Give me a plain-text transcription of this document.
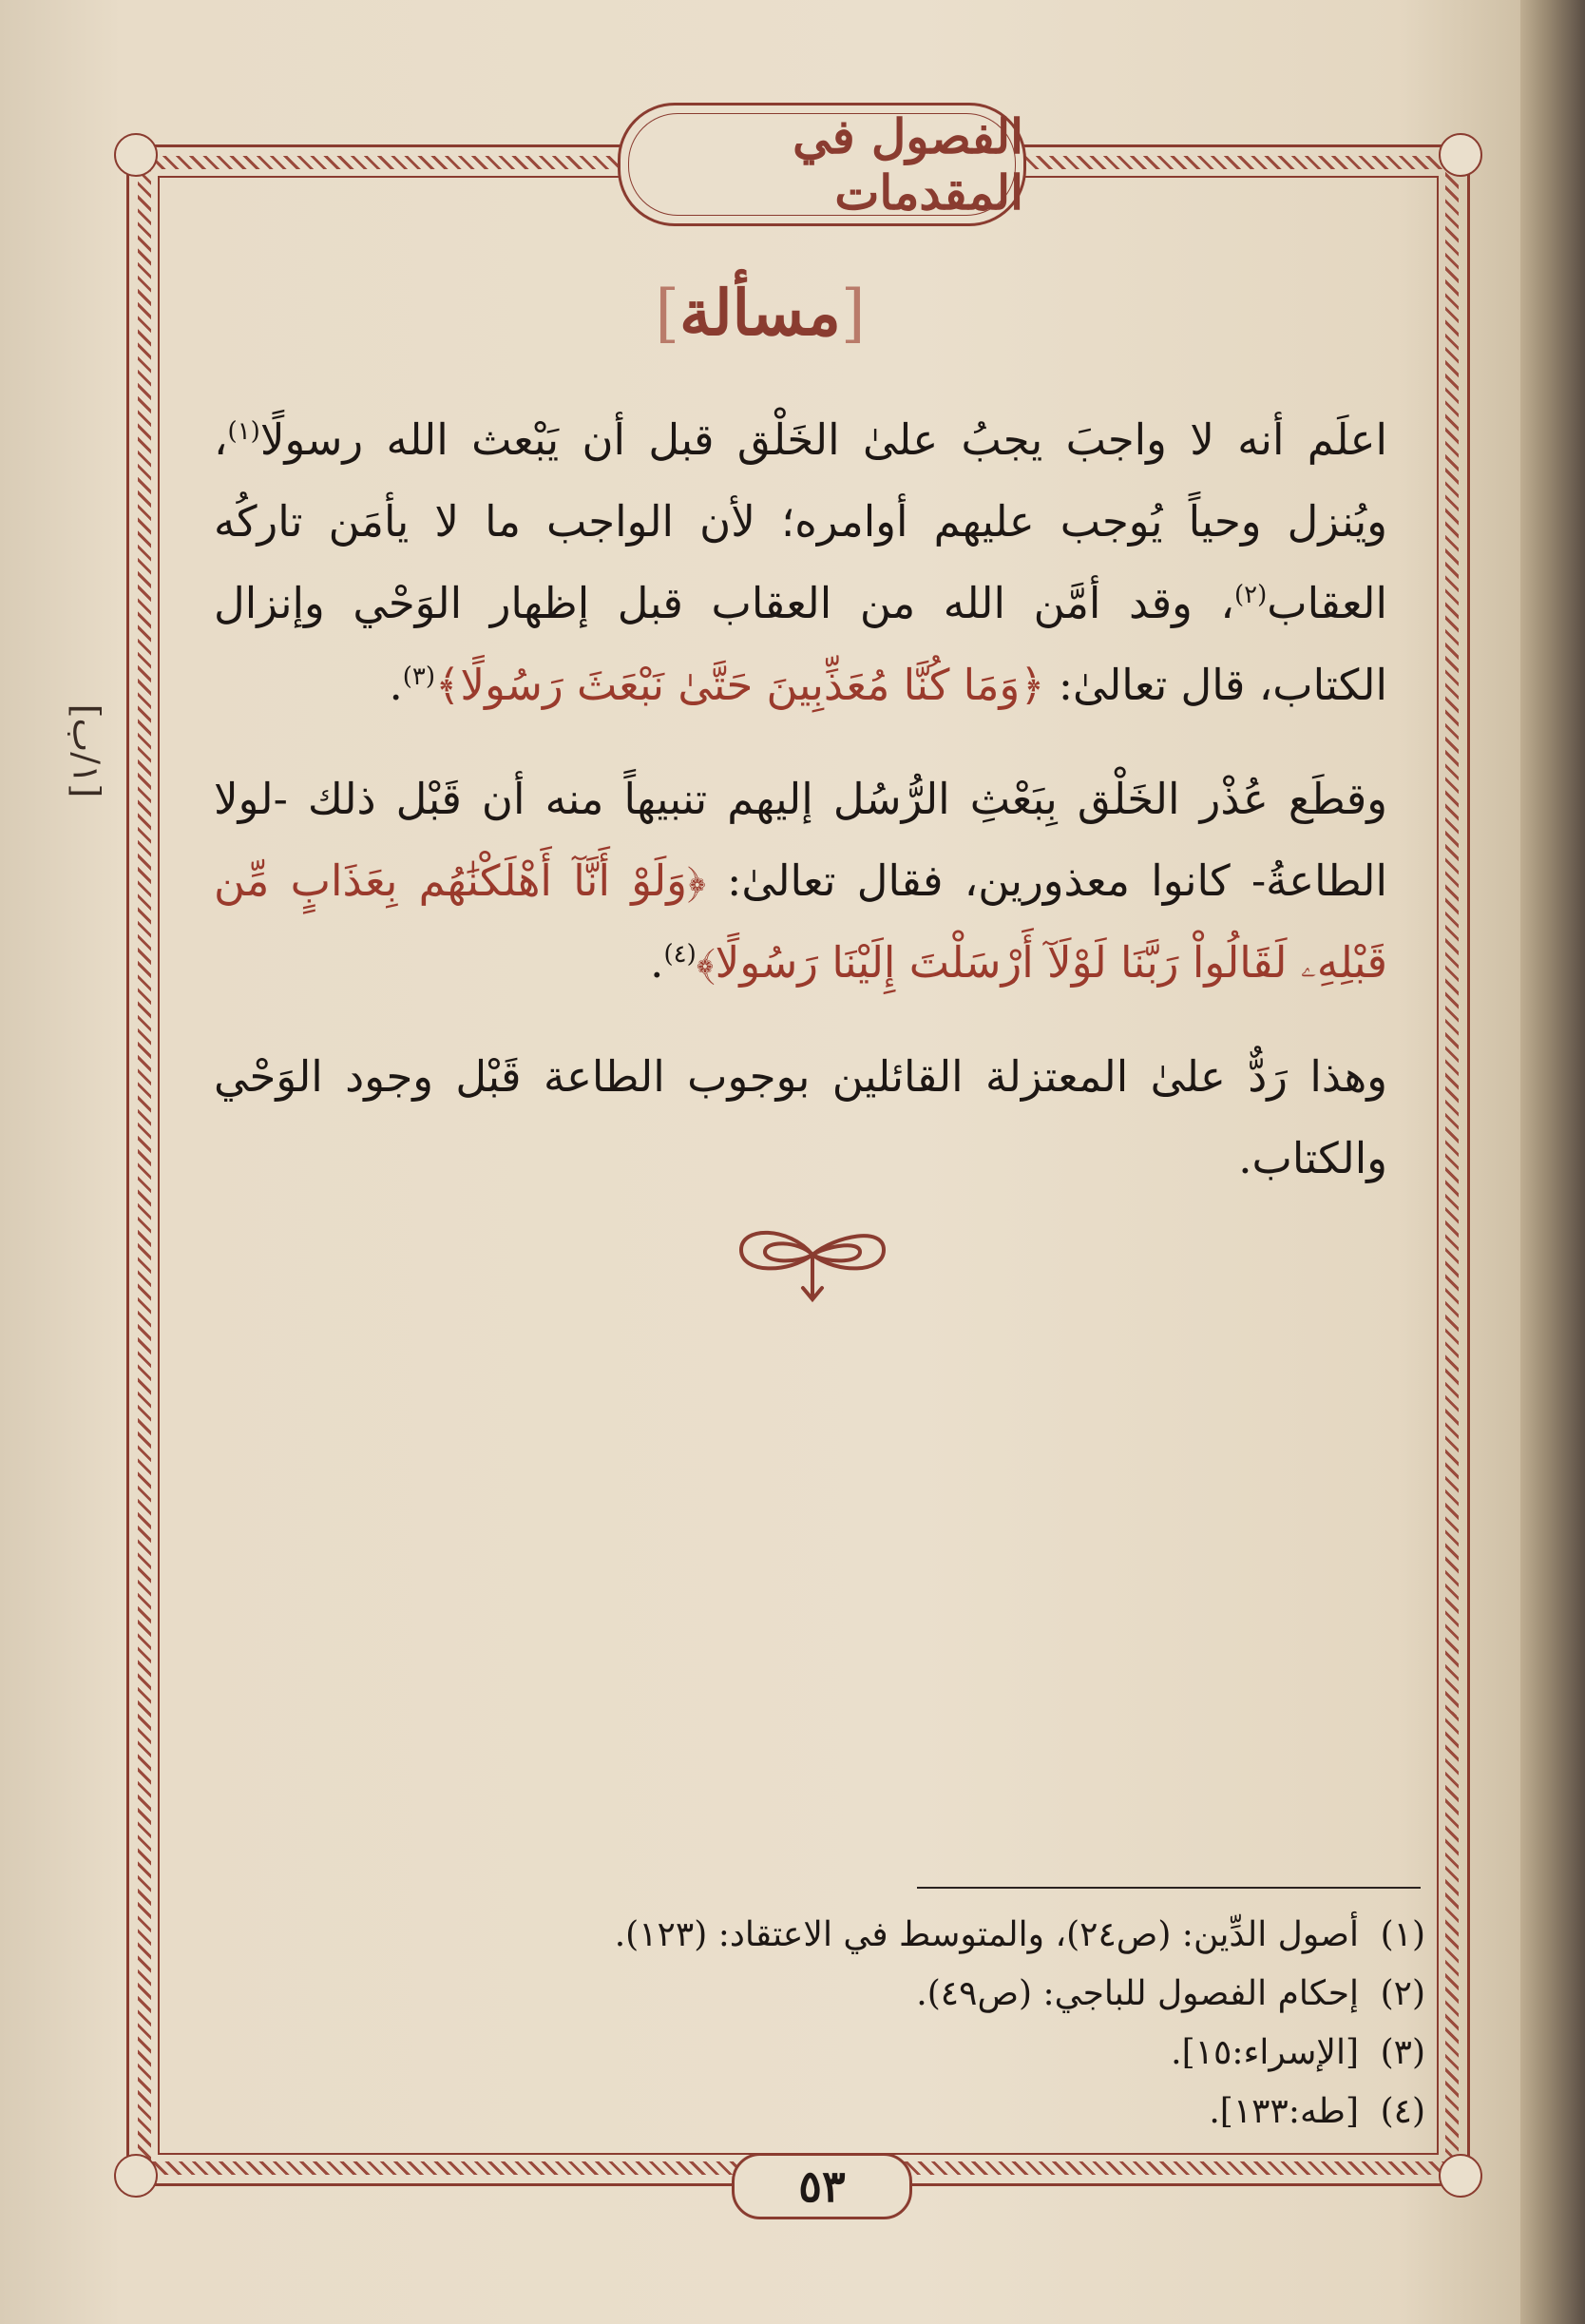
الفصول في المقدمات
[١/ب]
[مسألة]

اعلَم أنه لا واجبَ يجبُ علىٰ الخَلْق قبل أن يَبْعث الله رسولًا$^{(١)}$، ويُنزل وحياً يُوجب عليهم أوامره؛ لأن الواجب ما لا يأمَن تاركُه العقاب$^{(٢)}$، وقد أمَّن الله من العقاب قبل إظهار الوَحْي وإنزال الكتاب، قال تعالىٰ: ﴿وَمَا كُنَّا مُعَذِّبِينَ حَتَّىٰ نَبْعَثَ رَسُولًا﴾$^{(٣)}$.

وقطَع عُذْر الخَلْق بِبَعْثِ الرُّسُل إليهم تنبيهاً منه أن قَبْل ذلك -لولا الطاعةُ- كانوا معذورين، فقال تعالىٰ: ﴿وَلَوْ أَنَّآ أَهْلَكْنَٰهُم بِعَذَابٍ مِّن قَبْلِهِۦ لَقَالُواْ رَبَّنَا لَوْلَآ أَرْسَلْتَ إِلَيْنَا رَسُولًا﴾$^{(٤)}$.

وهذا رَدٌّ علىٰ المعتزلة القائلين بوجوب الطاعة قَبْل وجود الوَحْي والكتاب.

(١)
أصول الدِّين: (ص٢٤)، والمتوسط في الاعتقاد: (١٢٣).
(٢)
إحكام الفصول للباجي: (ص٤٩).
(٣)
[الإسراء:١٥].
(٤)
[طه:١٣٣].
٥٣
